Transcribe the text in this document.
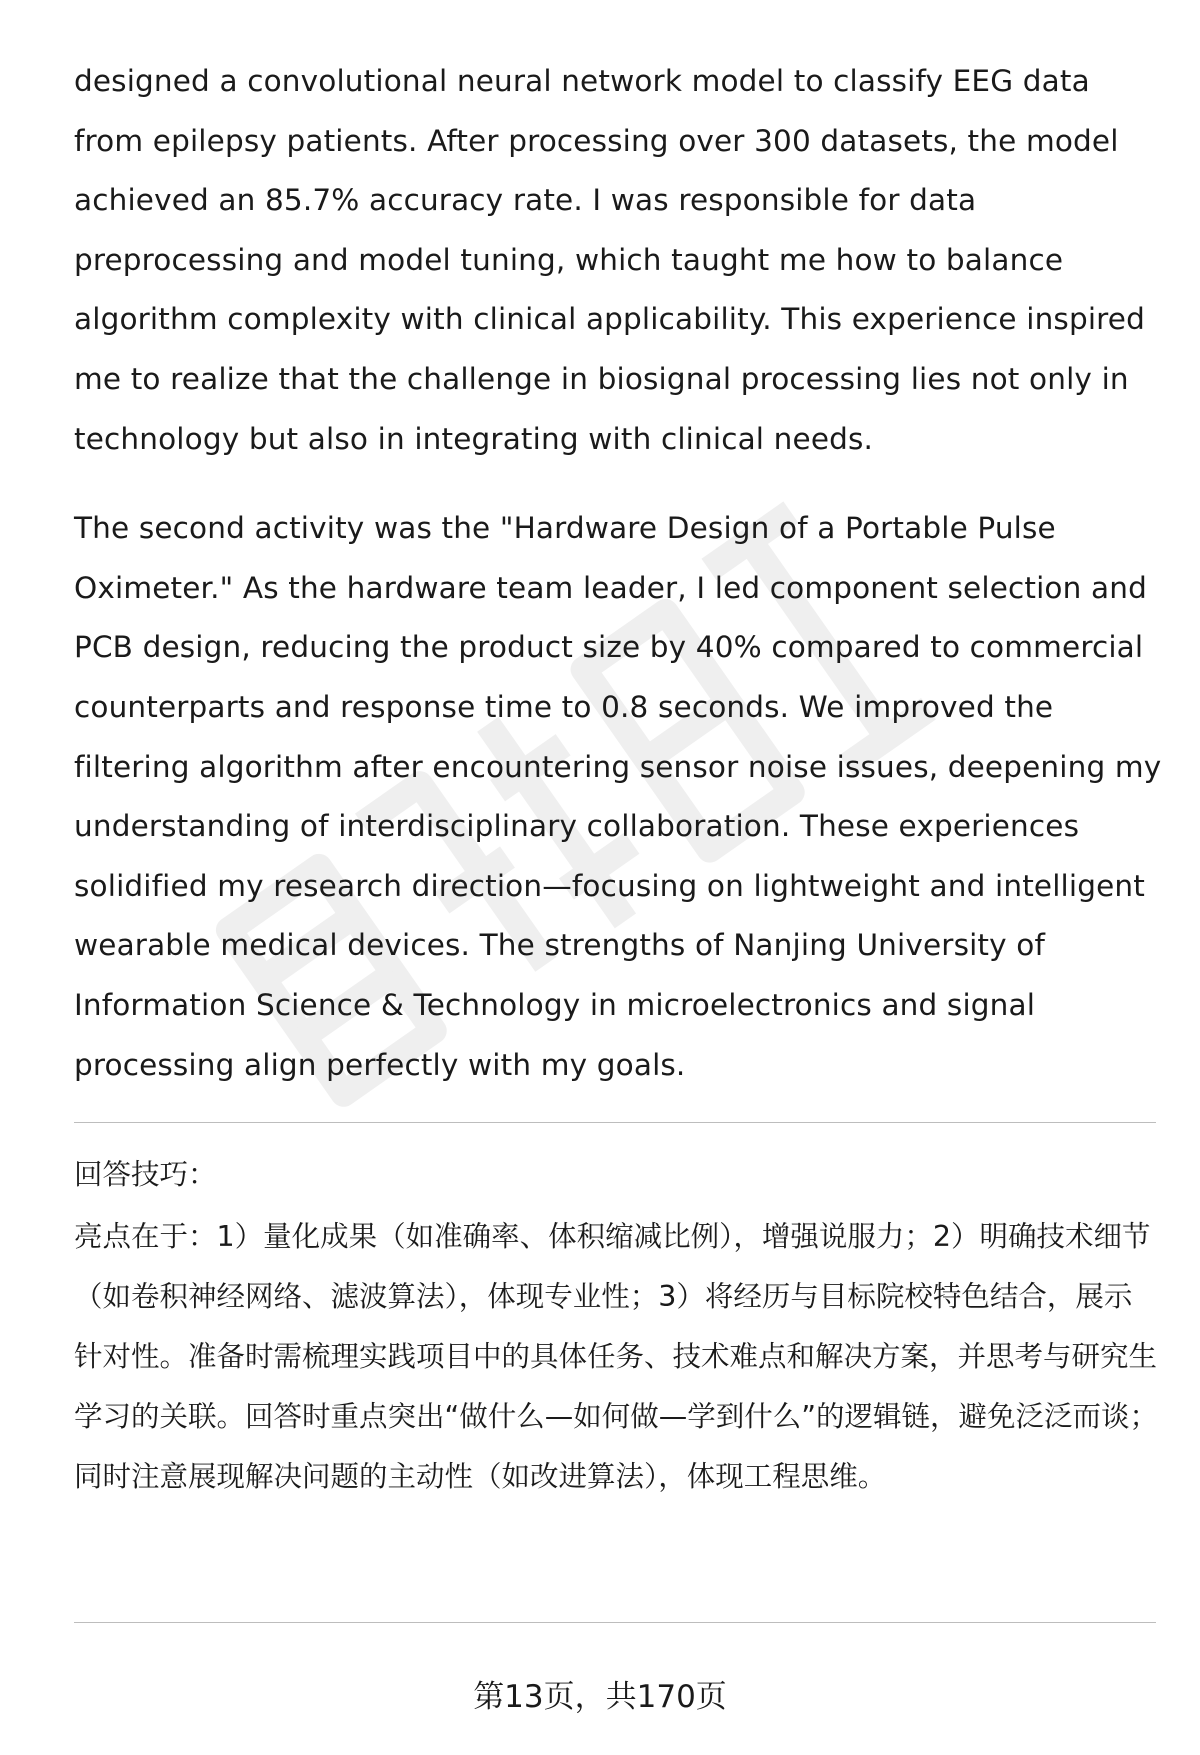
designed a convolutional neural network model to classify EEG data from epilepsy patients. After processing over 300 datasets, the model achieved an 85.7% accuracy rate. I was responsible for data preprocessing and model tuning, which taught me how to balance algorithm complexity with clinical applicability. This experience inspired me to realize that the challenge in biosignal processing lies not only in technology but also in integrating with clinical needs.

The second activity was the "Hardware Design of a Portable Pulse Oximeter." As the hardware team leader, I led component selection and PCB design, reducing the product size by 40% compared to commercial counterparts and response time to 0.8 seconds. We improved the filtering algorithm after encountering sensor noise issues, deepening my understanding of interdisciplinary collaboration. These experiences solidified my research direction—focusing on lightweight and intelligent wearable medical devices. The strengths of Nanjing University of Information Science & Technology in microelectronics and signal processing align perfectly with my goals.

回答技巧：

亮点在于：1）量化成果（如准确率、体积缩减比例），增强说服力；2）明确技术细节（如卷积神经网络、滤波算法），体现专业性；3）将经历与目标院校特色结合，展示针对性。准备时需梳理实践项目中的具体任务、技术难点和解决方案，并思考与研究生学习的关联。回答时重点突出“做什么—如何做—学到什么”的逻辑链，避免泛泛而谈；同时注意展现解决问题的主动性（如改进算法），体现工程思维。

第13页，共170页
